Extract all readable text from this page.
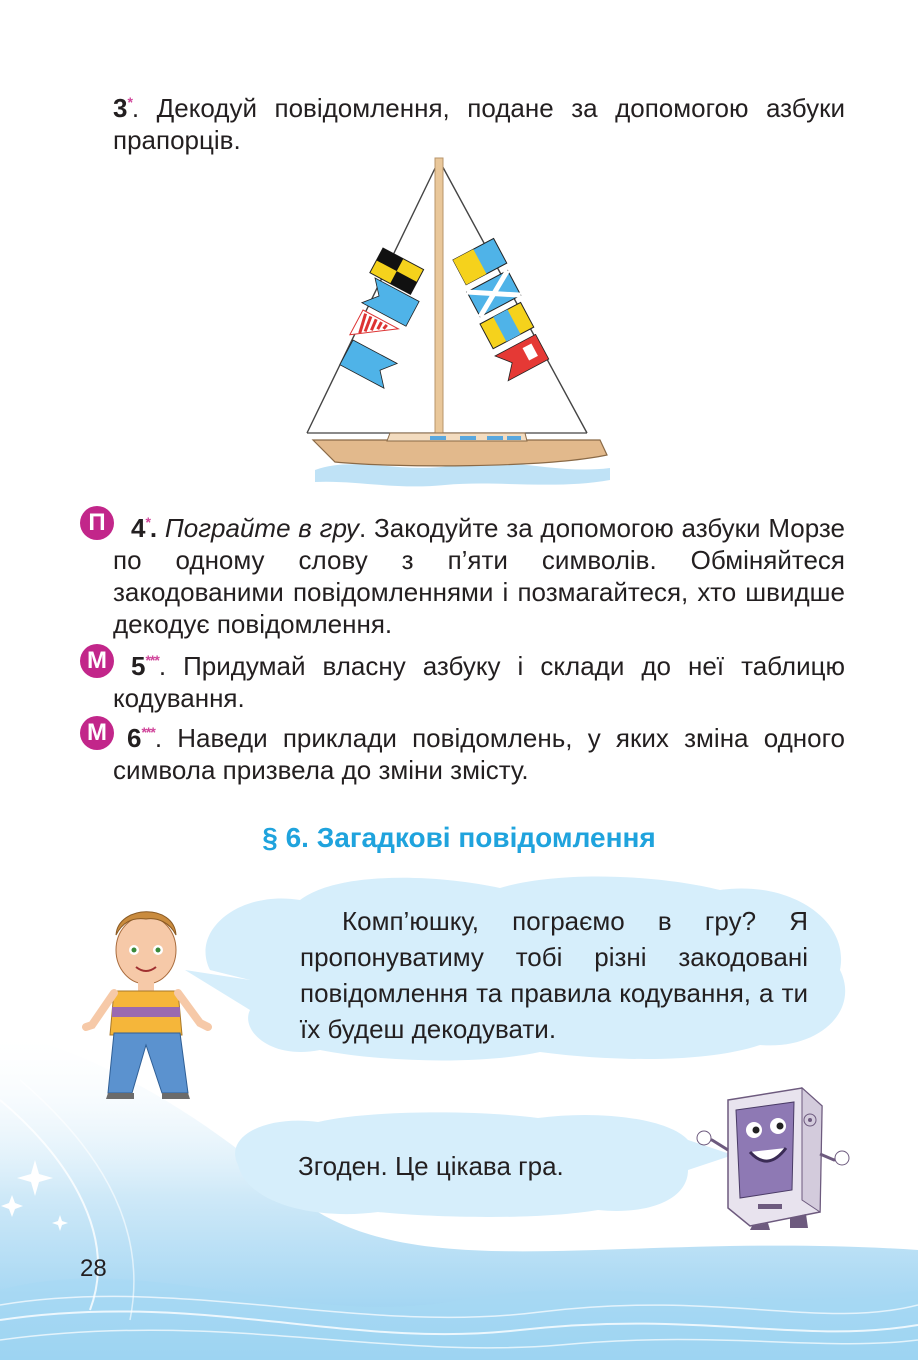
3*. Декодуй повідомлення, подане за допомогою азбуки прапорців.
П 4*. Пограйте в гру. Закодуйте за допомогою азбуки Морзе по одному слову з п’яти символів. Обміняйтеся закодованими повідомленнями і позмагайтеся, хто швидше декодує повідомлення.
М 5***. Придумай власну азбуку і склади до неї таблицю кодування.
М 6***. Наведи приклади повідомлень, у яких зміна одного символа призвела до зміни змісту.
§ 6. Загадкові повідомлення
Комп’юшку, пограємо в гру? Я пропонуватиму тобі різні закодовані повідомлення та правила кодування, а ти їх будеш декодувати.
Згоден. Це цікава гра.
28
